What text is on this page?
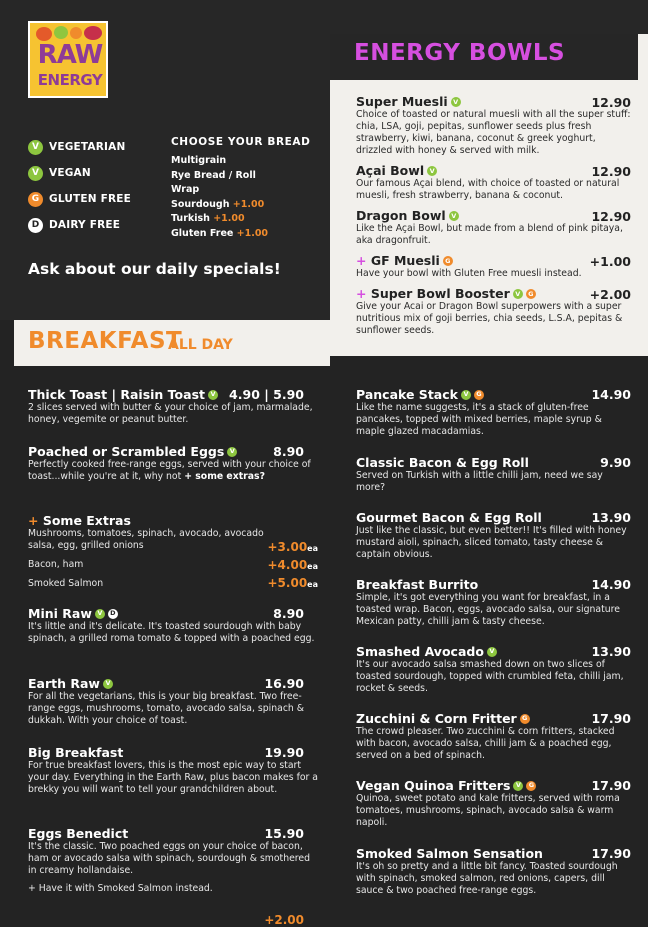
RAW
ENERGY
V VEGETARIAN
V VEGAN
G GLUTEN FREE
D DAIRY FREE
CHOOSE YOUR BREAD
Multigrain
Rye Bread / Roll
Wrap
Sourdough +1.00
Turkish +1.00
Gluten Free +1.00
Ask about our daily specials!
ENERGY BOWLS
Super Muesli V	12.90
Choice of toasted or natural muesli with all the super stuff: chia, LSA, goji, pepitas, sunflower seeds plus fresh strawberry, kiwi, banana, coconut & greek yoghurt, drizzled with honey & served with milk.
Açai Bowl V	12.90
Our famous Açai blend, with choice of toasted or natural muesli, fresh strawberry, banana & coconut.
Dragon Bowl V	12.90
Like the Açai Bowl, but made from a blend of pink pitaya, aka dragonfruit.
+ GF Muesli G	+1.00
Have your bowl with Gluten Free muesli instead.
+ Super Bowl Booster V	G	+2.00
Give your Acai or Dragon Bowl superpowers with a super nutritious mix of goji berries, chia seeds, L.S.A, pepitas & sunflower seeds.
BREAKFAST
ALL DAY
Thick Toast | Raisin Toast V 4.90 | 5.90
2 slices served with butter & your choice of jam, marmalade, honey, vegemite or peanut butter.
Poached or Scrambled Eggs V	8.90
Perfectly cooked free-range eggs, served with your choice of toast...while you're at it, why not + some extras?
+ Some Extras
Mushrooms, tomatoes, spinach, avocado, avocado salsa, egg, grilled onions	+3.00ea
Bacon, ham	+4.00ea
Smoked Salmon	+5.00ea
Mini Raw V	D	8.90
It's little and it's delicate. It's toasted sourdough with baby spinach, a grilled roma tomato & topped with a poached egg.
Earth Raw V	16.90
For all the vegetarians, this is your big breakfast. Two free-range eggs, mushrooms, tomato, avocado salsa, spinach & dukkah. With your choice of toast.
Big Breakfast	19.90
For true breakfast lovers, this is the most epic way to start your day. Everything in the Earth Raw, plus bacon makes for a brekky you will want to tell your grandchildren about.
Eggs Benedict	15.90
It's the classic. Two poached eggs on your choice of bacon, ham or avocado salsa with spinach, sourdough & smothered in creamy hollandaise.
+ Have it with Smoked Salmon instead.
+2.00
Pancake Stack V	G	14.90
Like the name suggests, it's a stack of gluten-free pancakes, topped with mixed berries, maple syrup & maple glazed macadamias.
Classic Bacon & Egg Roll	9.90
Served on Turkish with a little chilli jam, need we say more?
Gourmet Bacon & Egg Roll	13.90
Just like the classic, but even better!! It's filled with honey mustard aioli, spinach, sliced tomato, tasty cheese & captain obvious.
Breakfast Burrito	14.90
Simple, it's got everything you want for breakfast, in a toasted wrap. Bacon, eggs, avocado salsa, our signature Mexican patty, chilli jam & tasty cheese.
Smashed Avocado V	13.90
It's our avocado salsa smashed down on two slices of toasted sourdough, topped with crumbled feta, chilli jam, rocket & seeds.
Zucchini & Corn Fritter G	17.90
The crowd pleaser. Two zucchini & corn fritters, stacked with bacon, avocado salsa, chilli jam & a poached egg, served on a bed of spinach.
Vegan Quinoa Fritters V	G	17.90
Quinoa, sweet potato and kale fritters, served with roma tomatoes, mushrooms, spinach, avocado salsa & warm napoli.
Smoked Salmon Sensation	17.90
It's oh so pretty and a little bit fancy. Toasted sourdough with spinach, smoked salmon, red onions, capers, dill sauce & two poached free-range eggs.
